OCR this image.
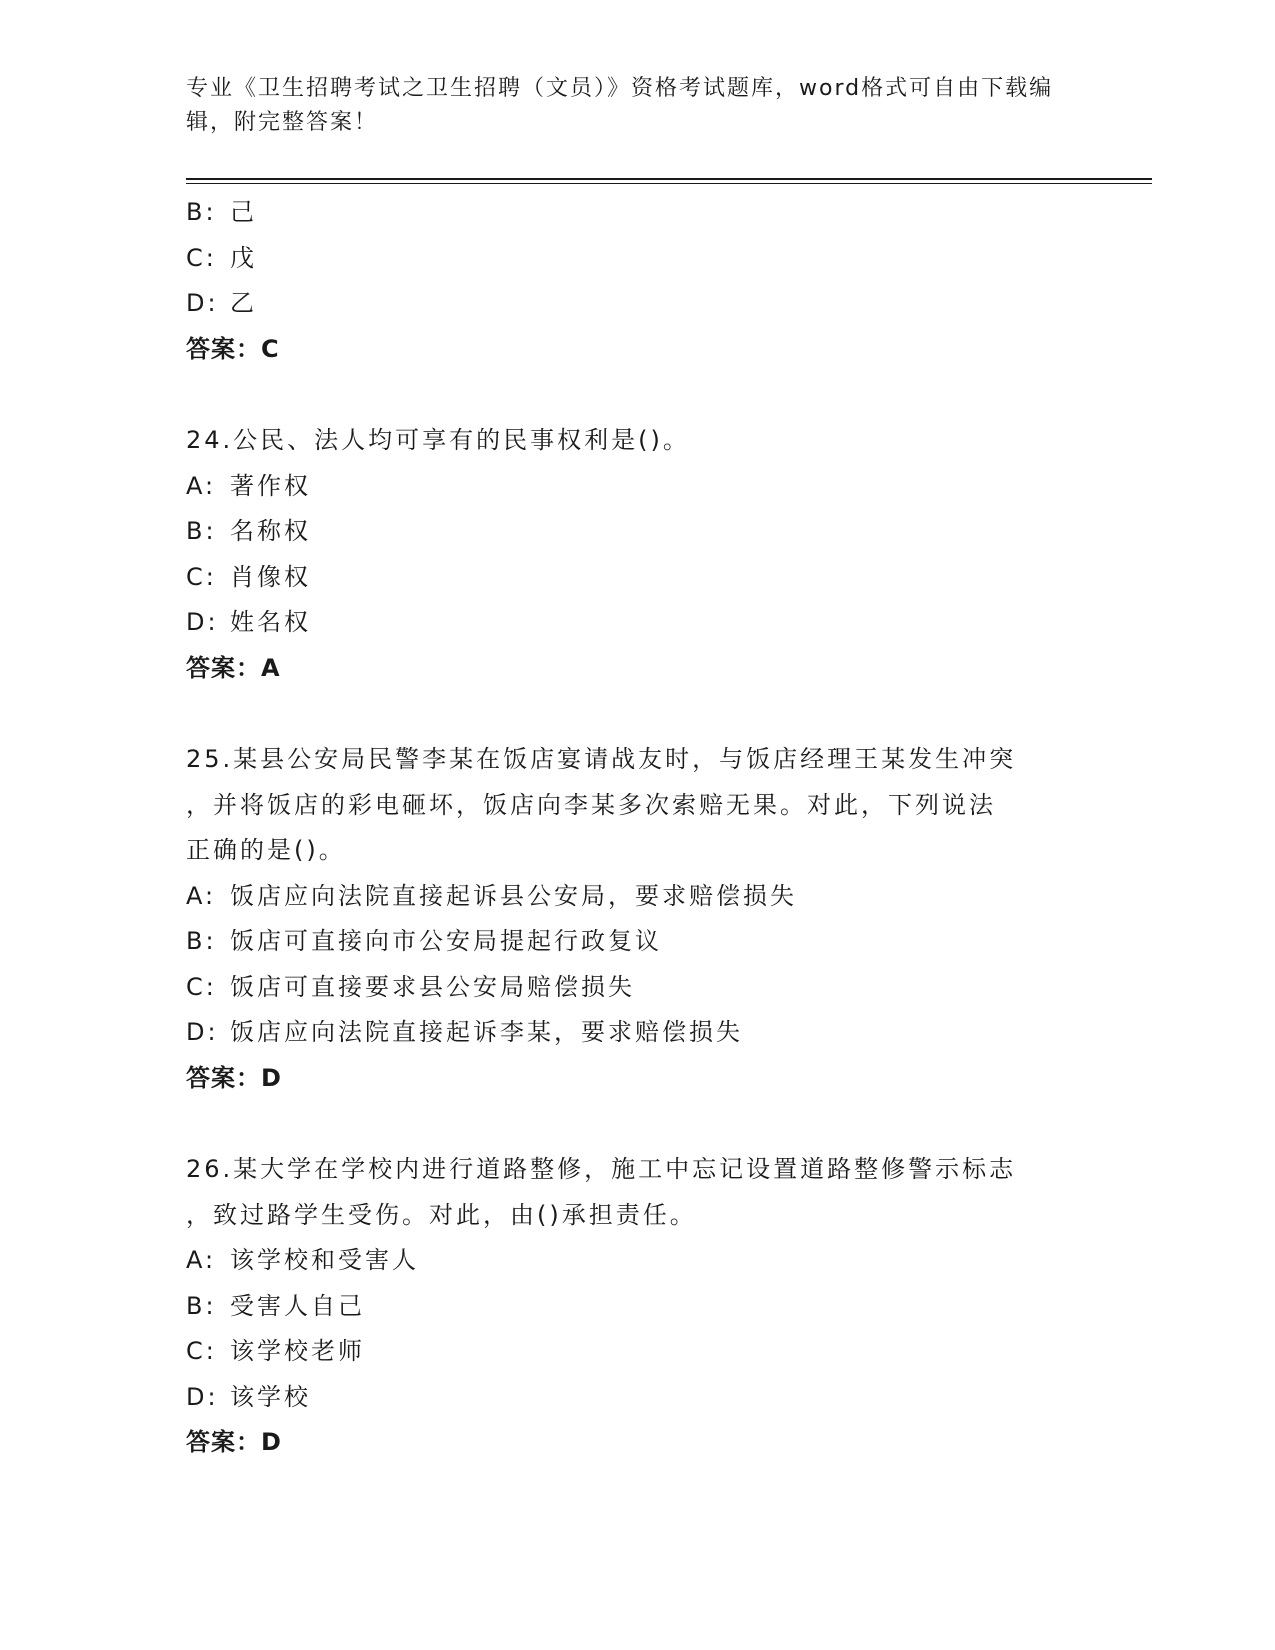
专业《卫生招聘考试之卫生招聘（文员）》资格考试题库，word格式可自由下载编辑，附完整答案！
B: 己
C: 戊
D: 乙
答案：C
24.公民、法人均可享有的民事权利是()。
A: 著作权
B: 名称权
C: 肖像权
D: 姓名权
答案：A
25.某县公安局民警李某在饭店宴请战友时，与饭店经理王某发生冲突
，并将饭店的彩电砸坏，饭店向李某多次索赔无果。对此，下列说法
正确的是()。
A: 饭店应向法院直接起诉县公安局，要求赔偿损失
B: 饭店可直接向市公安局提起行政复议
C: 饭店可直接要求县公安局赔偿损失
D: 饭店应向法院直接起诉李某，要求赔偿损失
答案：D
26.某大学在学校内进行道路整修，施工中忘记设置道路整修警示标志
，致过路学生受伤。对此，由()承担责任。
A: 该学校和受害人
B: 受害人自己
C: 该学校老师
D: 该学校
答案：D
